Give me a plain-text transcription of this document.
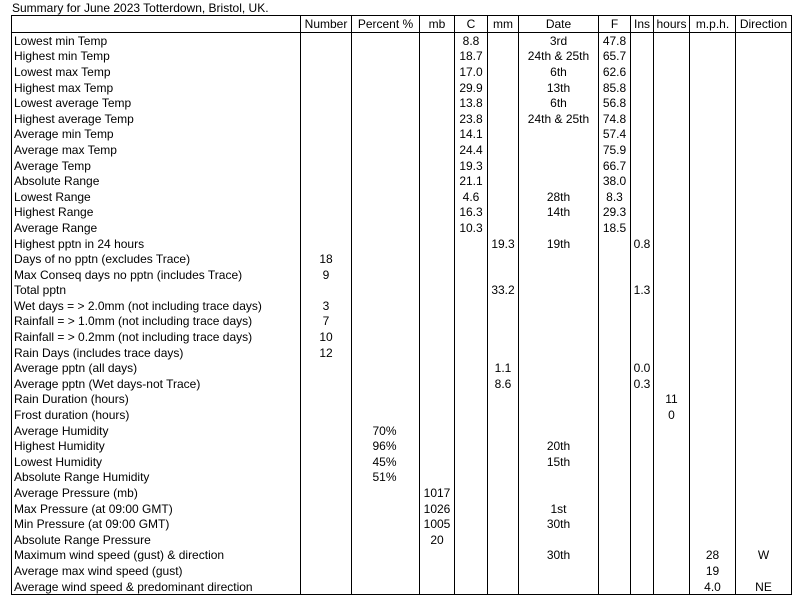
Summary for June 2023 Totterdown, Bristol, UK.
	Number	Percent %	mb	C	mm	Date	F	Ins	hours	m.p.h.	Direction
Lowest min Temp				8.8		3rd	47.8				
Highest min Temp				18.7		24th & 25th	65.7				
Lowest max Temp				17.0		6th	62.6				
Highest max Temp				29.9		13th	85.8				
Lowest average Temp				13.8		6th	56.8				
Highest average Temp				23.8		24th & 25th	74.8				
Average min Temp				14.1			57.4				
Average max Temp				24.4			75.9				
Average Temp				19.3			66.7				
Absolute Range				21.1			38.0				
Lowest Range				4.6		28th	8.3				
Highest Range				16.3		14th	29.3				
Average Range				10.3			18.5				
Highest pptn in 24 hours					19.3	19th		0.8			
Days of no pptn (excludes Trace)	18										
Max Conseq days no pptn (includes Trace)	9										
Total pptn					33.2			1.3			
Wet days = > 2.0mm (not including trace days)	3										
Rainfall = > 1.0mm (not including trace days)	7										
Rainfall = > 0.2mm (not including trace days)	10										
Rain Days (includes trace days)	12										
Average pptn (all days)					1.1			0.0			
Average pptn (Wet days-not Trace)					8.6			0.3			
Rain Duration (hours)									11		
Frost duration (hours)									0		
Average Humidity		70%									
Highest Humidity		96%				20th					
Lowest Humidity		45%				15th					
Absolute Range Humidity		51%									
Average Pressure (mb)			1017								
Max Pressure (at 09:00 GMT)			1026			1st					
Min Pressure (at 09:00 GMT)			1005			30th					
Absolute Range Pressure			20								
Maximum wind speed (gust) & direction						30th				28	W
Average max wind speed (gust)										19	
Average wind speed & predominant direction										4.0	NE
